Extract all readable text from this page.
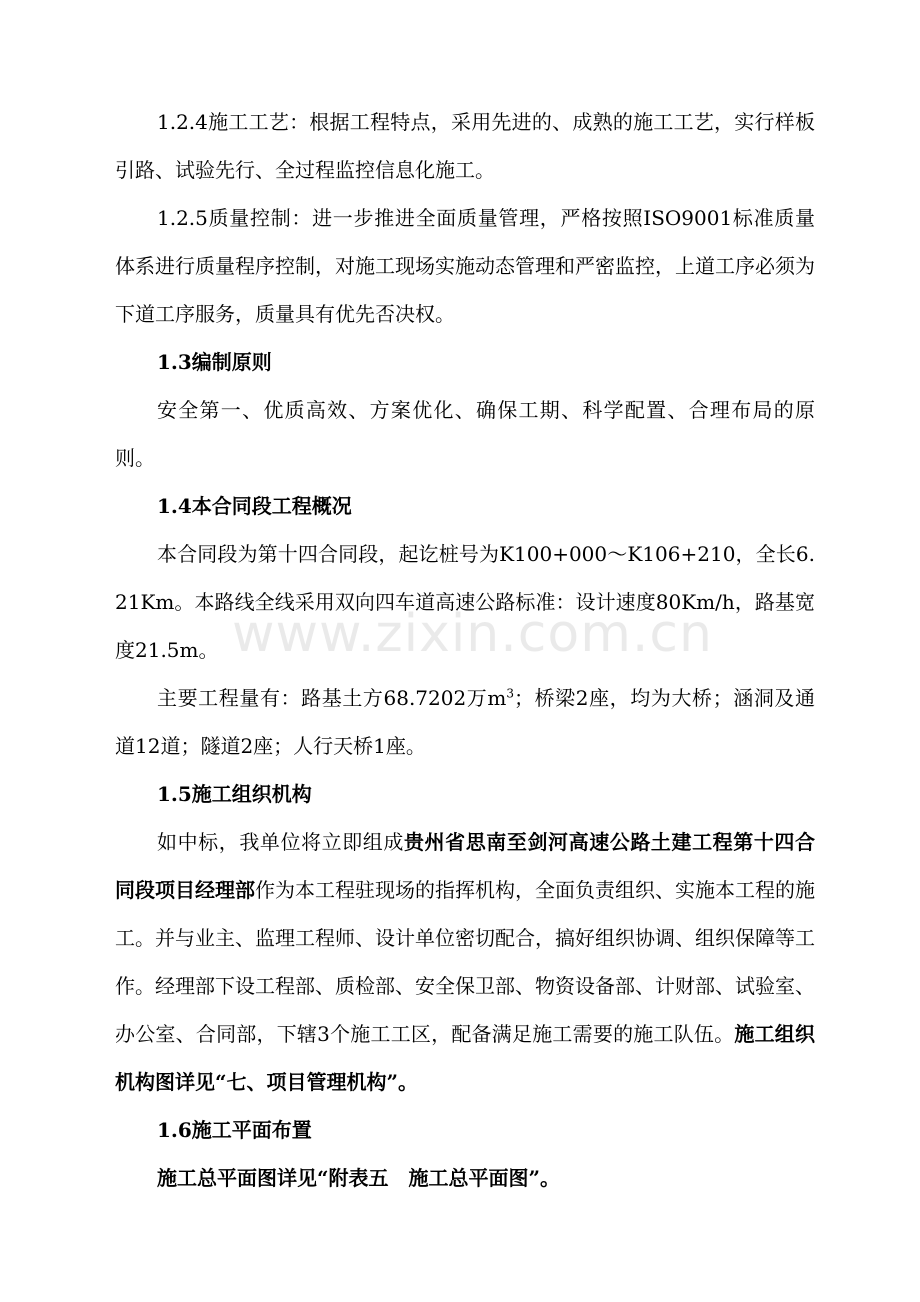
1.2.4施工工艺：根据工程特点，采用先进的、成熟的施工工艺，实行样板引路、试验先行、全过程监控信息化施工。

1.2.5质量控制：进一步推进全面质量管理，严格按照ISO9001标准质量体系进行质量程序控制，对施工现场实施动态管理和严密监控，上道工序必须为下道工序服务，质量具有优先否决权。

1.3编制原则

安全第一、优质高效、方案优化、确保工期、科学配置、合理布局的原则。

1.4本合同段工程概况

本合同段为第十四合同段，起讫桩号为K100+000～K106+210，全长6.21Km。本路线全线采用双向四车道高速公路标准：设计速度80Km/h，路基宽度21.5m。

主要工程量有：路基土方68.7202万$m^3$；桥梁2座，均为大桥；涵洞及通道12道；隧道2座；人行天桥1座。

1.5施工组织机构

如中标，我单位将立即组成贵州省思南至剑河高速公路土建工程第十四合同段项目经理部作为本工程驻现场的指挥机构，全面负责组织、实施本工程的施工。并与业主、监理工程师、设计单位密切配合，搞好组织协调、组织保障等工作。经理部下设工程部、质检部、安全保卫部、物资设备部、计财部、试验室、办公室、合同部，下辖3个施工工区，配备满足施工需要的施工队伍。施工组织机构图详见“七、项目管理机构”。

1.6施工平面布置

施工总平面图详见“附表五　施工总平面图”。

www.zixin.com.cn
